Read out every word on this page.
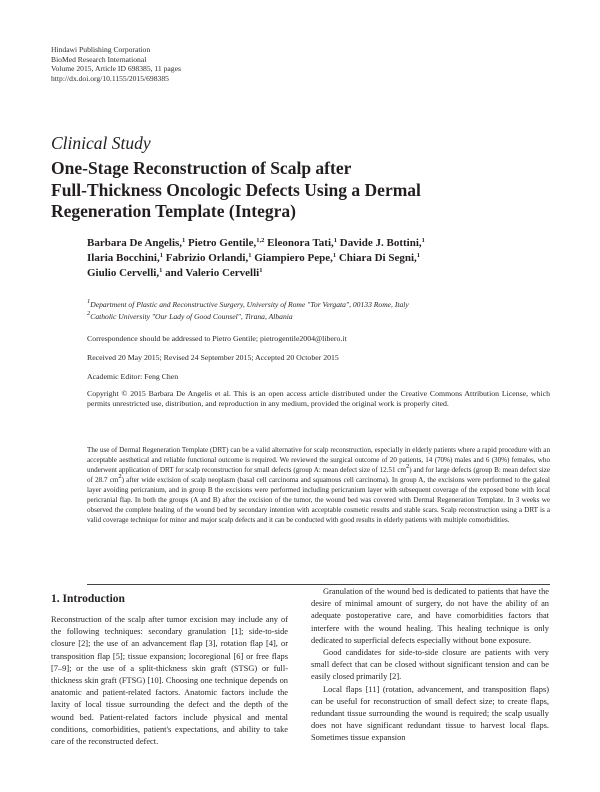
Hindawi Publishing Corporation
BioMed Research International
Volume 2015, Article ID 698385, 11 pages
http://dx.doi.org/10.1155/2015/698385
Clinical Study
One-Stage Reconstruction of Scalp after
Full-Thickness Oncologic Defects Using a Dermal
Regeneration Template (Integra)
Barbara De Angelis,$^1$ Pietro Gentile,$^{1,2}$ Eleonora Tati,$^1$ Davide J. Bottini,$^1$
Ilaria Bocchini,$^1$ Fabrizio Orlandi,$^1$ Giampiero Pepe,$^1$ Chiara Di Segni,$^1$
Giulio Cervelli,$^1$ and Valerio Cervelli$^1$
$^1$Department of Plastic and Reconstructive Surgery, University of Rome "Tor Vergata", 00133 Rome, Italy
$^2$Catholic University "Our Lady of Good Counsel", Tirana, Albania
Correspondence should be addressed to Pietro Gentile; pietrogentile2004@libero.it
Received 20 May 2015; Revised 24 September 2015; Accepted 20 October 2015
Academic Editor: Feng Chen
Copyright © 2015 Barbara De Angelis et al. This is an open access article distributed under the Creative Commons Attribution License, which permits unrestricted use, distribution, and reproduction in any medium, provided the original work is properly cited.
The use of Dermal Regeneration Template (DRT) can be a valid alternative for scalp reconstruction, especially in elderly patients where a rapid procedure with an acceptable aesthetical and reliable functional outcome is required. We reviewed the surgical outcome of 20 patients, 14 (70%) males and 6 (30%) females, who underwent application of DRT for scalp reconstruction for small defects (group A: mean defect size of 12.51 $cm^2$) and for large defects (group B: mean defect size of 28.7 $cm^2$) after wide excision of scalp neoplasm (basal cell carcinoma and squamous cell carcinoma). In group A, the excisions were performed to the galeal layer avoiding pericranium, and in group B the excisions were performed including pericranium layer with subsequent coverage of the exposed bone with local pericranial flap. In both the groups (A and B) after the excision of the tumor, the wound bed was covered with Dermal Regeneration Template. In 3 weeks we observed the complete healing of the wound bed by secondary intention with acceptable cosmetic results and stable scars. Scalp reconstruction using a DRT is a valid coverage technique for minor and major scalp defects and it can be conducted with good results in elderly patients with multiple comorbidities.
1. Introduction

Reconstruction of the scalp after tumor excision may include any of the following techniques: secondary granulation [1]; side-to-side closure [2]; the use of an advancement flap [3], rotation flap [4], or transposition flap [5]; tissue expansion; locoregional [6] or free flaps [7–9]; or the use of a split-thickness skin graft (STSG) or full-thickness skin graft (FTSG) [10]. Choosing one technique depends on anatomic and patient-related factors. Anatomic factors include the laxity of local tissue surrounding the defect and the depth of the wound bed. Patient-related factors include physical and mental conditions, comorbidities, patient's expectations, and ability to take care of the reconstructed defect.

Granulation of the wound bed is dedicated to patients that have the desire of minimal amount of surgery, do not have the ability of an adequate postoperative care, and have comorbidities factors that interfere with the wound healing. This healing technique is only dedicated to superficial defects especially without bone exposure.

Good candidates for side-to-side closure are patients with very small defect that can be closed without significant tension and can be easily closed primarily [2].

Local flaps [11] (rotation, advancement, and transposition flaps) can be useful for reconstruction of small defect size; to create flaps, redundant tissue surrounding the wound is required; the scalp usually does not have significant redundant tissue to harvest local flaps. Sometimes tissue expansion
